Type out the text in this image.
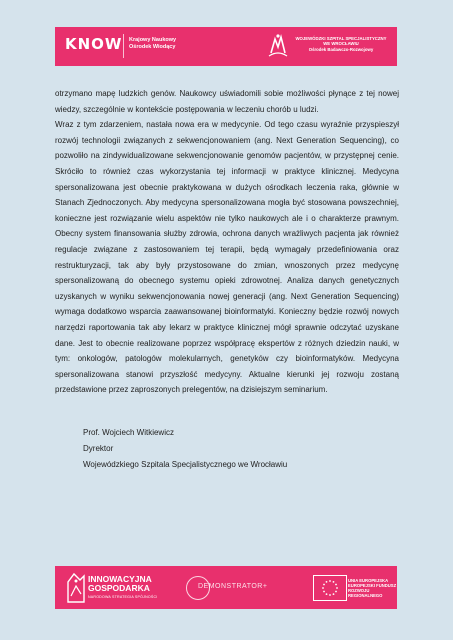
KNOW Krajowy Naukowy
Ośrodek Wiodący
WOJEWÓDZKI SZPITAL SPECJALISTYCZNY
WE WROCŁAWIU
Ośrodek Badawczo-Rozwojowy

otrzymano mapę ludzkich genów. Naukowcy uświadomili sobie możliwości płynące z tej nowej wiedzy, szczególnie w kontekście postępowania w leczeniu chorób u ludzi.

Wraz z tym zdarzeniem, nastała nowa era w medycynie. Od tego czasu wyraźnie przyspieszył rozwój technologii związanych z sekwencjonowaniem (ang. Next Generation Sequencing), co pozwoliło na zindywidualizowane sekwencjonowanie genomów pacjentów, w przystępnej cenie. Skróciło to również czas wykorzystania tej informacji w praktyce klinicznej. Medycyna spersonalizowana jest obecnie praktykowana w dużych ośrodkach leczenia raka, głównie w Stanach Zjednoczonych. Aby medycyna spersonalizowana mogła być stosowana powszechniej, konieczne jest rozwiązanie wielu aspektów nie tylko naukowych ale i o charakterze prawnym. Obecny system finansowania służby zdrowia, ochrona danych wrażliwych pacjenta jak również regulacje związane z zastosowaniem tej terapii, będą wymagały przedefiniowania oraz restrukturyzacji, tak aby były przystosowane do zmian, wnoszonych przez medycynę spersonalizowaną do obecnego systemu opieki zdrowotnej. Analiza danych genetycznych uzyskanych w wyniku sekwencjonowania nowej generacji (ang. Next Generation Sequencing) wymaga dodatkowo wsparcia zaawansowanej bioinformatyki. Konieczny będzie rozwój nowych narzędzi raportowania tak aby lekarz w praktyce klinicznej mógł sprawnie odczytać uzyskane dane. Jest to obecnie realizowane poprzez współpracę ekspertów z różnych dziedzin nauki, w tym: onkologów, patologów molekularnych, genetyków czy bioinformatyków. Medycyna spersonalizowana stanowi przyszłość medycyny. Aktualne kierunki jej rozwoju zostaną przedstawione przez zaproszonych prelegentów, na dzisiejszym seminarium.

Prof. Wojciech Witkiewicz
Dyrektor
Wojewódzkiego Szpitala Specjalistycznego we Wrocławiu
INNOWACYJNA
GOSPODARKA
NARODOWA STRATEGIA SPÓJNOŚCI
DEMONSTRATOR+
UNIA EUROPEJSKA
EUROPEJSKI FUNDUSZ
ROZWOJU REGIONALNEGO
